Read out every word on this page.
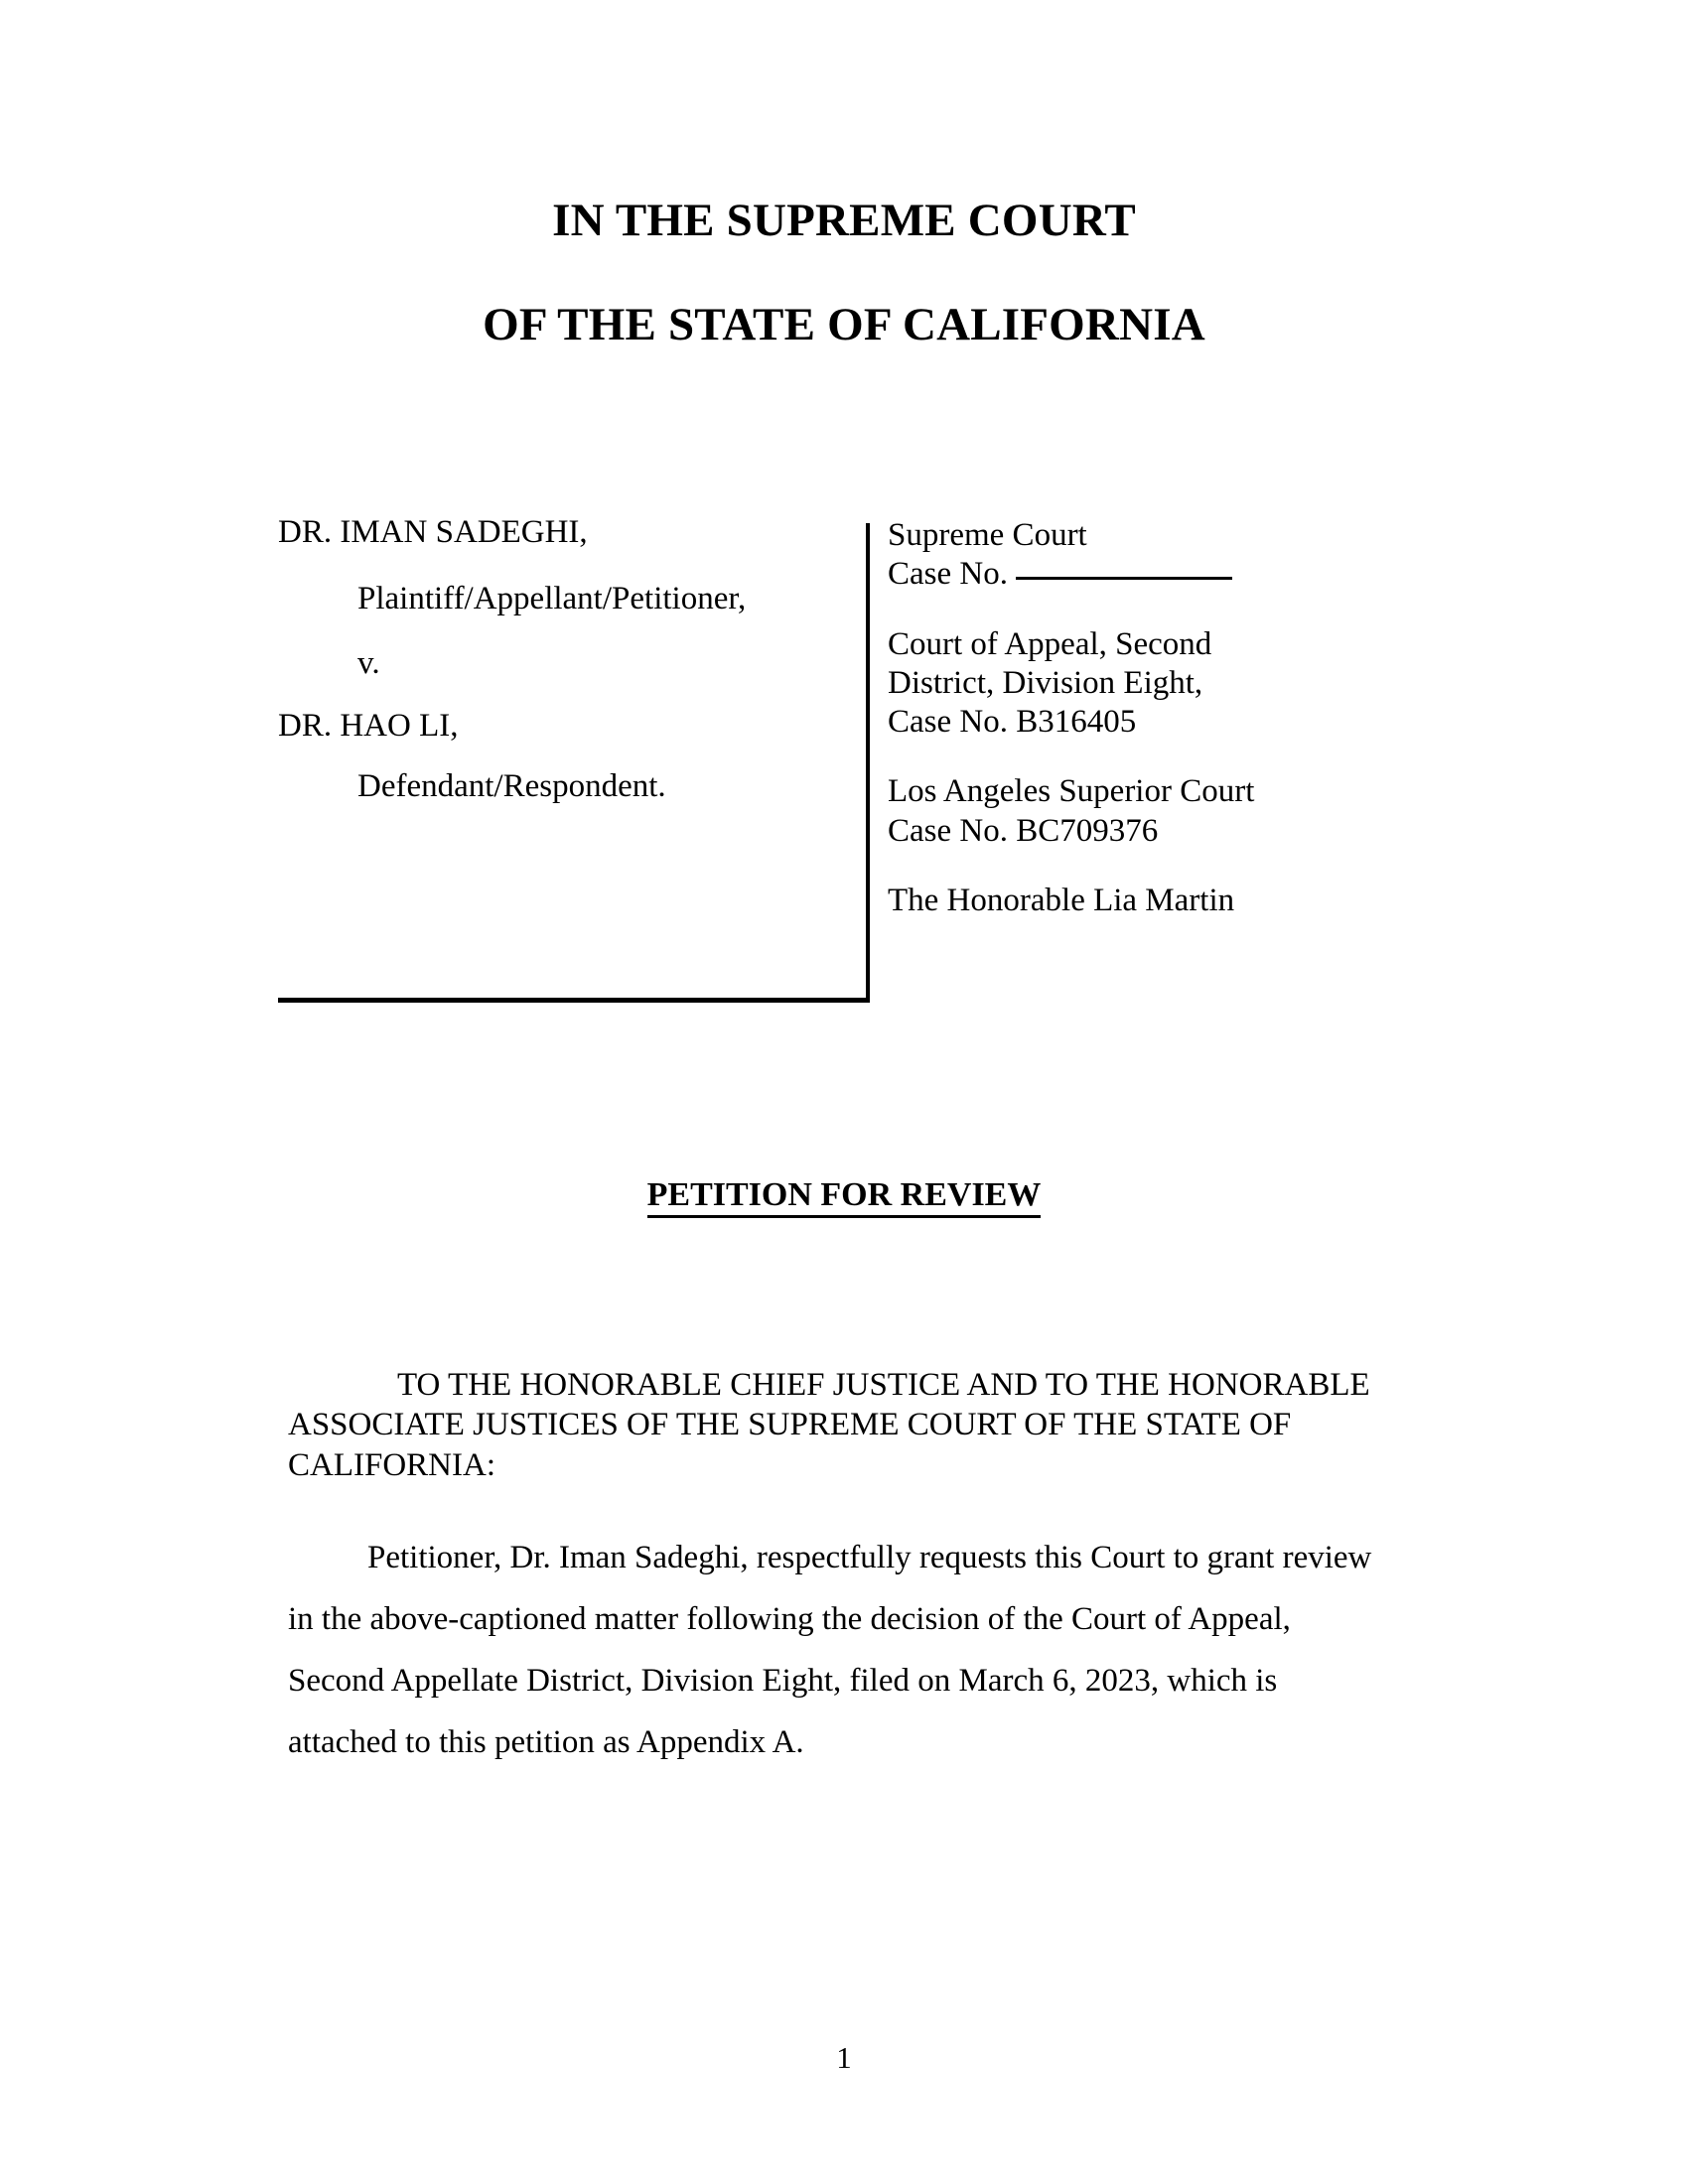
IN THE SUPREME COURT
OF THE STATE OF CALIFORNIA
DR. IMAN SADEGHI,
Plaintiff/Appellant/Petitioner,
v.
DR. HAO LI,
Defendant/Respondent.
Supreme Court
Case No.
Court of Appeal, Second
District, Division Eight,
Case No. B316405
Los Angeles Superior Court
Case No. BC709376
The Honorable Lia Martin
PETITION FOR REVIEW

TO THE HONORABLE CHIEF JUSTICE AND TO THE HONORABLE ASSOCIATE JUSTICES OF THE SUPREME COURT OF THE STATE OF CALIFORNIA:

Petitioner, Dr. Iman Sadeghi, respectfully requests this Court to grant review in the above-captioned matter following the decision of the Court of Appeal, Second Appellate District, Division Eight, filed on March 6, 2023, which is attached to this petition as Appendix A.

1
